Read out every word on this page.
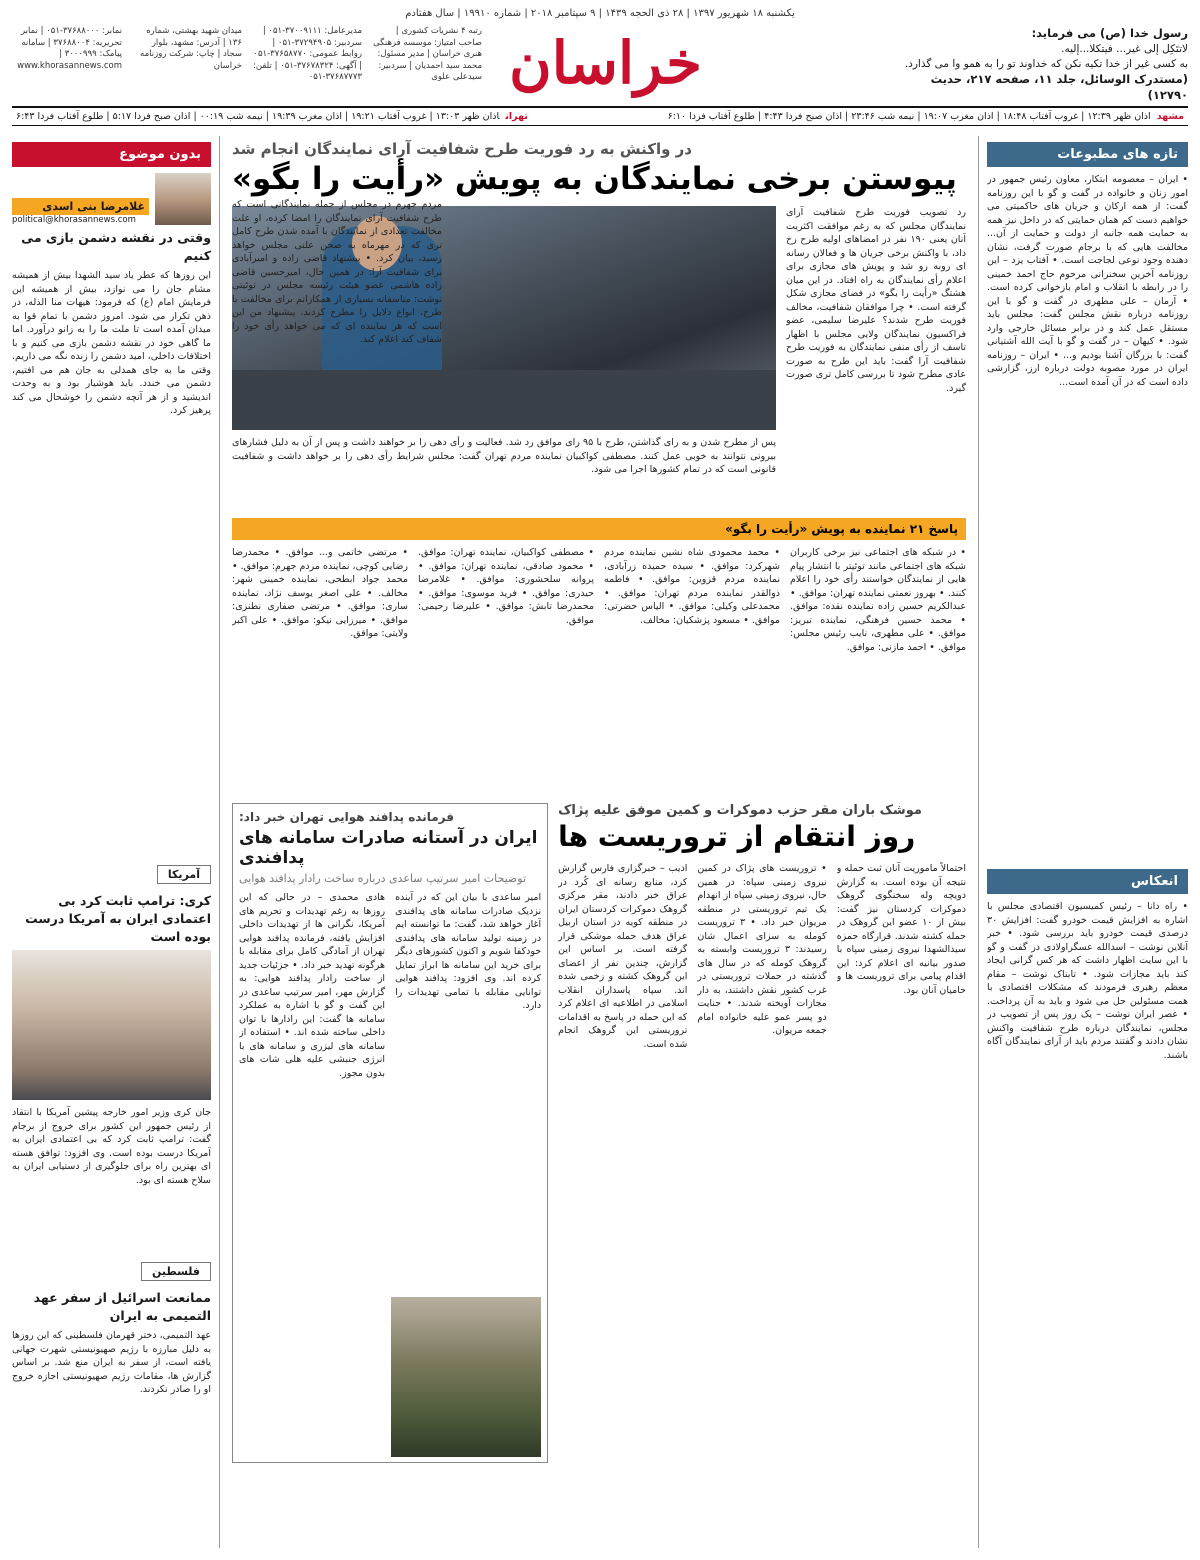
یکشنبه ۱۸ شهریور ۱۳۹۷ | ۲۸ ذی الحجه ۱۴۳۹ | ۹ سپتامبر ۲۰۱۸ | شماره ۱۹۹۱۰ | سال هفتادم
رسول خدا (ص) می فرماید:
لاتتَکِل إلی غیر... فیتکلا...إلیه.
به کسی غیر از خدا تکیه نکن که خداوند تو را به همو وا می گذارد.
(مستدرک الوسائل، جلد ۱۱، صفحه ۲۱۷، حدیث ۱۲۷۹۰)
خراسان
رتبه ۴ نشریات کشوری | صاحب امتیاز: موسسه فرهنگی هنری خراسان | مدیر مسئول: محمد سید احمدیان | سردبیر: سیدعلی علوی
مدیرعامل: ۳۷۰۰۹۱۱۱-۰۵۱ | سردبیر: ۳۷۲۹۴۹۰۵-۰۵۱ | روابط عمومی: ۳۷۶۵۸۷۷۰-۰۵۱ | آگهی: ۳۷۶۷۸۳۲۴-۰۵۱ | تلفن: ۳۷۶۸۷۷۷۳-۰۵۱
میدان شهید بهشتی، شماره ۱۳۶ | آدرس: مشهد، بلوار سجاد | چاپ: شرکت روزنامه خراسان
نمابر: ۳۷۶۸۸۰۰۰-۰۵۱ | نمابر تحریریه: ۳۷۶۸۸۰۰۴ | سامانه پیامک: ۳۰۰۰۹۹۹ | www.khorasannews.com
مشهداذان ظهر ۱۲:۳۹ | غروب آفتاب ۱۸:۴۸ | اذان مغرب ۱۹:۰۷ | نیمه شب ۲۳:۴۶ | اذان صبح فردا ۴:۴۳ | طلوع آفتاب فردا ۶:۱۰
تهراناذان ظهر ۱۳:۰۳ | غروب آفتاب ۱۹:۲۱ | اذان مغرب ۱۹:۳۹ | نیمه شب ۰۰:۱۹ | اذان صبح فردا ۵:۱۷ | طلوع آفتاب فردا ۶:۴۳
تازه های مطبوعات
• ایران – معصومه ابتکار، معاون رئیس جمهور در امور زنان و خانواده در گفت و گو با این روزنامه گفت: از همه ارکان و جریان های حاکمیتی می خواهیم دست کم همان حمایتی که در داخل نیز همه به حمایت همه جانبه از دولت و حمایت از آن... مخالفت هایی که با برجام صورت گرفت، نشان دهنده وجود نوعی لجاجت است. • آفتاب یزد – این روزنامه آخرین سخنرانی مرحوم حاج احمد خمینی را در رابطه با انقلاب و امام بازخوانی کرده است. • آرمان – علی مطهری در گفت و گو با این روزنامه درباره نقش مجلس گفت: مجلس باید مستقل عمل کند و در برابر مسائل خارجی وارد شود. • کیهان – در گفت و گو با آیت الله آشتیانی گفت: با بزرگان آشنا بودیم و... • ایران – روزنامه ایران در مورد مصوبه دولت درباره ارز، گزارشی داده است که در آن آمده است...
انعکاس
• راه دانا – رئیس کمیسیون اقتصادی مجلس با اشاره به افزایش قیمت خودرو گفت: افزایش ۳۰ درصدی قیمت خودرو باید بررسی شود. • خبر آنلاین نوشت – اسدالله عسگراولادی در گفت و گو با این سایت اظهار داشت که هر کس گرانی ایجاد کند باید مجازات شود. • تابناک نوشت – مقام معظم رهبری فرمودند که مشکلات اقتصادی با همت مسئولین حل می شود و باید به آن پرداخت. • عصر ایران نوشت – یک روز پس از تصویب در مجلس، نمایندگان درباره طرح شفافیت واکنش نشان دادند و گفتند مردم باید از آرای نمایندگان آگاه باشند.
بدون موضوع
غلامرضا بنی اسدی
political@khorasannews.com
وقتی در نقشه دشمن بازی می کنیم
این روزها که عطر یاد سید الشهدا بیش از همیشه مشام جان را می نوازد، بیش از همیشه این فرمایش امام (ع) که فرمود: هیهات منا الذله، در ذهن تکرار می شود. امروز دشمن با تمام قوا به میدان آمده است تا ملت ما را به زانو درآورد. اما ما گاهی خود در نقشه دشمن بازی می کنیم و با اختلافات داخلی، امید دشمن را زنده نگه می داریم. وقتی ما به جای همدلی به جان هم می افتیم، دشمن می خندد. باید هوشیار بود و به وحدت اندیشید و از هر آنچه دشمن را خوشحال می کند پرهیز کرد.
آمریکا
کری: ترامپ ثابت کرد بی اعتمادی ایران به آمریکا درست بوده است
جان کری وزیر امور خارجه پیشین آمریکا با انتقاد از رئیس جمهور این کشور برای خروج از برجام گفت: ترامپ ثابت کرد که بی اعتمادی ایران به آمریکا درست بوده است. وی افزود: توافق هسته ای بهترین راه برای جلوگیری از دستیابی ایران به سلاح هسته ای بود.
فلسطین
ممانعت اسرائیل از سفر عهد التمیمی به ایران
عهد التمیمی، دختر قهرمان فلسطینی که این روزها به دلیل مبارزه با رژیم صهیونیستی شهرت جهانی یافته است، از سفر به ایران منع شد. بر اساس گزارش ها، مقامات رژیم صهیونیستی اجازه خروج او را صادر نکردند.
در واکنش به رد فوریت طرح شفافیت آرای نمایندگان انجام شد
پیوستن برخی نمایندگان به پویش «رأیت را بگو»
رد تصویب فوریت طرح شفافیت آرای نمایندگان مجلس که به رغم موافقت اکثریت آنان یعنی ۱۹۰ نفر در امضاهای اولیه طرح رخ داد، با واکنش برخی جریان ها و فعالان رسانه ای روبه رو شد و پویش های مجازی برای اعلام رأی نمایندگان به راه افتاد. در این میان هشتگ «رأیت را بگو» در فضای مجازی شکل گرفته است. • چرا موافقان شفافیت، مخالف فوریت طرح شدند؟ علیرضا سلیمی، عضو فراکسیون نمایندگان ولایی مجلس با اظهار تاسف از رأی منفی نمایندگان به فوریت طرح شفافیت آرا گفت: باید این طرح به صورت عادی مطرح شود تا بررسی کامل تری صورت گیرد.
پس از مطرح شدن و به رای گذاشتن، طرح با ۹۵ رای موافق رد شد. فعالیت و رأی دهی را بر خواهند داشت و پس از آن به دلیل فشارهای بیرونی نتوانند به خوبی عمل کنند. مصطفی کواکبیان نماینده مردم تهران گفت: مجلس شرایط رأی دهی را بر خواهد داشت و شفافیت قانونی است که در تمام کشورها اجرا می شود.
مردم جهرم در مجلس از جمله نمایندگانی است که طرح شفافیت آرای نمایندگان را امضا کرده، او علت مخالفت تعدادی از نمایندگان با آمده شدن طرح کامل تری که در مهرماه به صحن علنی مجلس خواهد رسید، بیان کرد. • پیشنهاد قاضی زاده و امیرآبادی برای شفافیت آرا: در همین حال، امیرحسین قاضی زاده هاشمی عضو هیئت رئیسه مجلس در توئیتی نوشت: متاسفانه بسیاری از همکارانم برای مخالفت با طرح، انواع دلایل را مطرح کردند. پیشنهاد من این است که هر نماینده ای که می خواهد رأی خود را شفاف کند اعلام کند.
پاسخ ۲۱ نماینده به پویش «رأیت را بگو»
• در شبکه های اجتماعی نیز برخی کاربران شبکه های اجتماعی مانند توئیتر با انتشار پیام هایی از نمایندگان خواستند رأی خود را اعلام کنند. • بهروز نعمتی نماینده تهران: موافق. • عبدالکریم حسین زاده نماینده نقده: موافق. • محمد حسین فرهنگی، نماینده تبریز: موافق. • علی مطهری، نایب رئیس مجلس: موافق. • احمد مازنی: موافق.
• محمد محمودی شاه نشین نماینده مردم شهرکرد: موافق. • سیده حمیده زرآبادی، نماینده مردم قزوین: موافق. • فاطمه ذوالقدر نماینده مردم تهران: موافق. • محمدعلی وکیلی: موافق. • الیاس حضرتی: موافق. • مسعود پزشکیان: مخالف.
• مصطفی کواکبیان، نماینده تهران: موافق. • محمود صادقی، نماینده تهران: موافق. • پروانه سلحشوری: موافق. • غلامرضا حیدری: موافق. • فرید موسوی: موافق. • محمدرضا تابش: موافق. • علیرضا رحیمی: موافق.
• مرتضی خاتمی و... موافق. • محمدرضا رضایی کوچی، نماینده مردم جهرم: موافق. • محمد جواد ابطحی، نماینده خمینی شهر: مخالف. • علی اصغر یوسف نژاد، نماینده ساری: موافق. • مرتضی صفاری نطنزی: موافق. • میرزایی نیکو: موافق. • علی اکبر ولایتی: موافق.
موشک باران مقر حزب دموکرات و کمین موفق علیه پژاک
روز انتقام از تروریست ها
احتمالاً ماموریت آنان ثبت حمله و نتیجه آن بوده است. به گزارش دویچه وله سخنگوی گروهک دموکرات کردستان نیز گفت: بیش از ۱۰ عضو این گروهک در حمله کشته شدند. قرارگاه حمزه سیدالشهدا نیروی زمینی سپاه با صدور بیانیه ای اعلام کرد: این اقدام پیامی برای تروریست ها و حامیان آنان بود.
• تروریست های پژاک در کمین نیروی زمینی سپاه: در همین حال، نیروی زمینی سپاه از انهدام یک تیم تروریستی در منطقه مریوان خبر داد. • ۳ تروریست کومله به سزای اعمال شان رسیدند: ۳ تروریست وابسته به گروهک کومله که در سال های گذشته در حملات تروریستی در غرب کشور نقش داشتند، به دار مجازات آویخته شدند. • جنایت دو پسر عمو علیه خانواده امام جمعه مریوان.
ادیب – خبرگزاری فارس گزارش کرد، منابع رسانه ای کُرد در عراق خبر دادند، مقر مرکزی گروهک دموکرات کردستان ایران در منطقه کویه در استان اربیل عراق هدف حمله موشکی قرار گرفته است. بر اساس این گزارش، چندین نفر از اعضای این گروهک کشته و زخمی شده اند. سپاه پاسداران انقلاب اسلامی در اطلاعیه ای اعلام کرد که این حمله در پاسخ به اقدامات تروریستی این گروهک انجام شده است.
فرمانده پدافند هوایی تهران خبر داد:
ایران در آستانه صادرات سامانه های پدافندی
توضیحات امیر سرتیپ ساعدی درباره ساخت رادار پدافند هوایی
امیر ساعدی با بیان این که در آینده نزدیک صادرات سامانه های پدافندی آغاز خواهد شد، گفت: ما توانسته ایم در زمینه تولید سامانه های پدافندی خودکفا شویم و اکنون کشورهای دیگر برای خرید این سامانه ها ابراز تمایل کرده اند. وی افزود: پدافند هوایی توانایی مقابله با تمامی تهدیدات را دارد.
هادی محمدی – در حالی که این روزها به رغم تهدیدات و تحریم های آمریکا، نگرانی ها از تهدیدات داخلی افزایش یافته، فرمانده پدافند هوایی تهران از آمادگی کامل برای مقابله با هرگونه تهدید خبر داد. • جزئیات جدید از ساخت رادار پدافند هوایی: به گزارش مهر، امیر سرتیپ ساعدی در این گفت و گو با اشاره به عملکرد سامانه ها گفت: این رادارها با توان داخلی ساخته شده اند. • استفاده از سامانه های لیزری و سامانه های با انرژی جنبشی علیه هلی شات های بدون مجوز.
